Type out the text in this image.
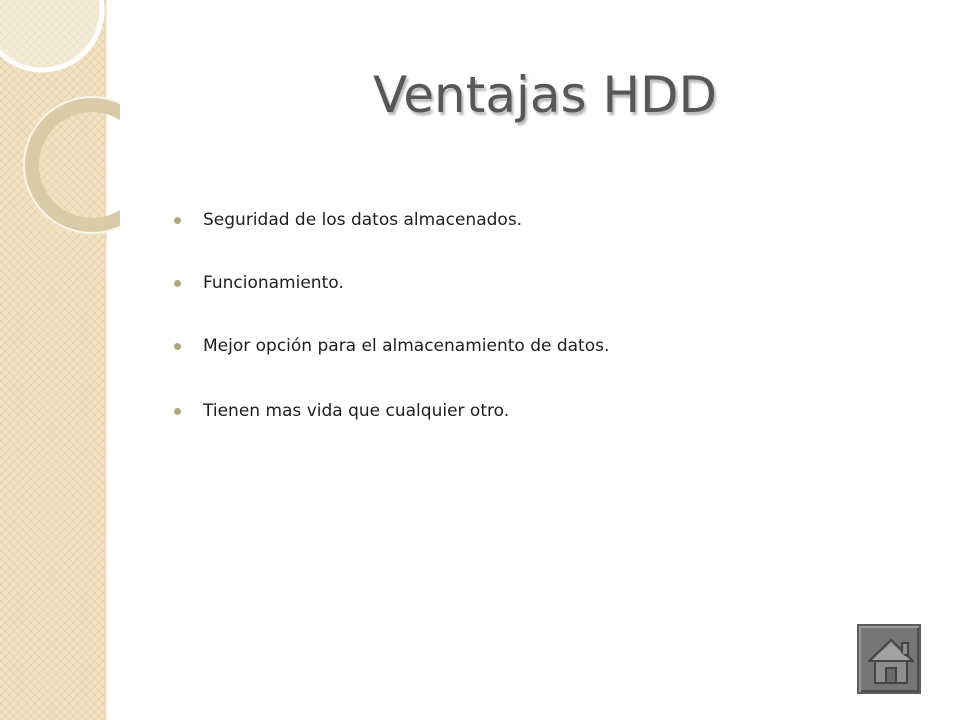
Ventajas HDD
Seguridad de los datos almacenados.
Funcionamiento.
Mejor opción para el almacenamiento de datos.
Tienen mas vida que cualquier otro.
